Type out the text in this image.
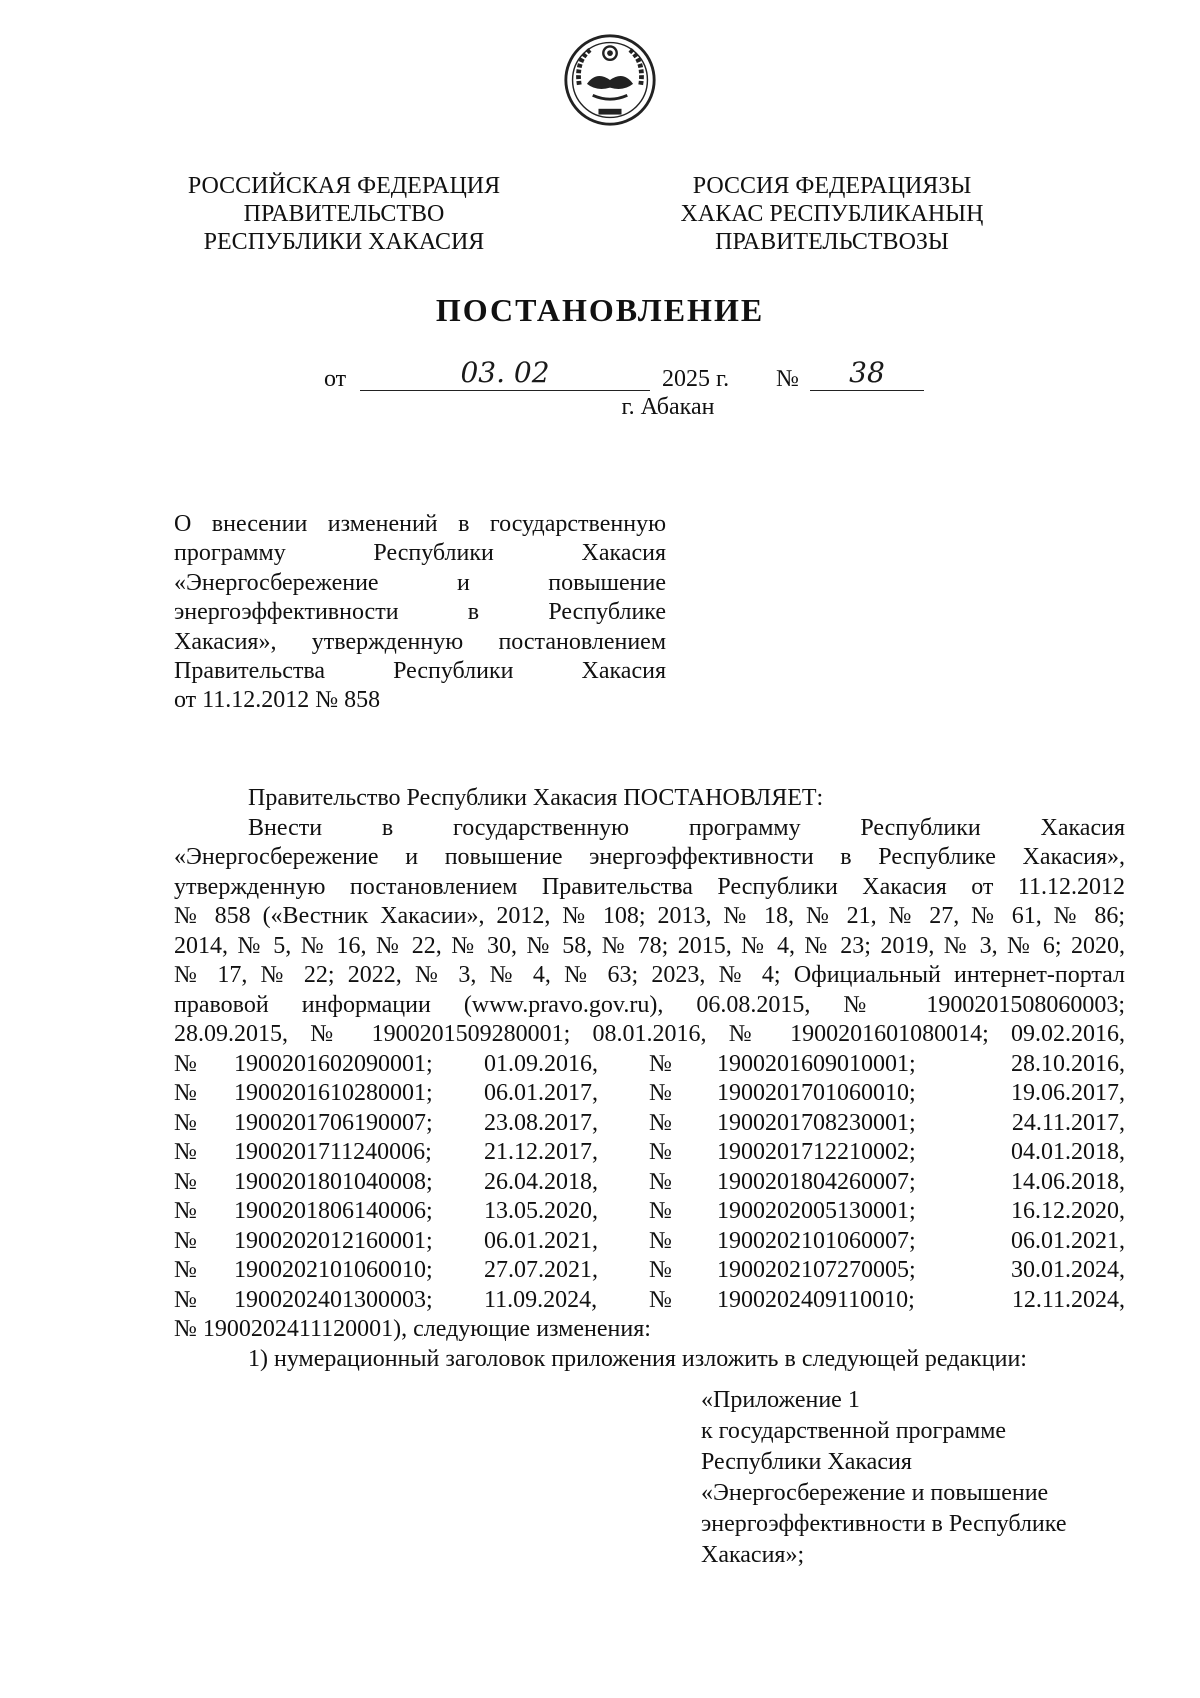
РОССИЙСКАЯ ФЕДЕРАЦИЯ
ПРАВИТЕЛЬСТВО
РЕСПУБЛИКИ ХАКАСИЯ
РОССИЯ ФЕДЕРАЦИЯЗЫ
ХАКАС РЕСПУБЛИКАНЫҢ
ПРАВИТЕЛЬСТВОЗЫ
ПОСТАНОВЛЕНИЕ
от	03. 02	2025 г. №	38
г. Абакан
О внесении изменений в государственную
программу Республики Хакасия
«Энергосбережение и повышение
энергоэффективности в Республике
Хакасия», утвержденную постановлением
Правительства Республики Хакасия
от 11.12.2012 № 858
Правительство Республики Хакасия ПОСТАНОВЛЯЕТ:
Внести в государственную программу Республики Хакасия
«Энергосбережение и повышение энергоэффективности в Республике Хакасия»,
утвержденную постановлением Правительства Республики Хакасия от 11.12.2012
№ 858 («Вестник Хакасии», 2012, № 108; 2013, № 18, № 21, № 27, № 61, № 86;
2014, № 5, № 16, № 22, № 30, № 58, № 78; 2015, № 4, № 23; 2019, № 3, № 6; 2020,
№ 17, № 22; 2022, № 3, № 4, № 63; 2023, № 4; Официальный интернет-портал
правовой информации (www.pravo.gov.ru), 06.08.2015, № 1900201508060003;
28.09.2015, № 1900201509280001; 08.01.2016, № 1900201601080014; 09.02.2016,
№	1900201602090001;	01.09.2016,	№	1900201609010001;	28.10.2016,
№	1900201610280001;	06.01.2017,	№	1900201701060010;	19.06.2017,
№	1900201706190007;	23.08.2017,	№	1900201708230001;	24.11.2017,
№	1900201711240006;	21.12.2017,	№	1900201712210002;	04.01.2018,
№	1900201801040008;	26.04.2018,	№	1900201804260007;	14.06.2018,
№	1900201806140006;	13.05.2020,	№	1900202005130001;	16.12.2020,
№	1900202012160001;	06.01.2021,	№	1900202101060007;	06.01.2021,
№	1900202101060010;	27.07.2021,	№	1900202107270005;	30.01.2024,
№	1900202401300003;	11.09.2024,	№	1900202409110010;	12.11.2024,
№ 1900202411120001), следующие изменения:
1) нумерационный заголовок приложения изложить в следующей редакции:
«Приложение 1
к государственной программе
Республики Хакасия
«Энергосбережение и повышение
энергоэффективности в Республике
Хакасия»;
